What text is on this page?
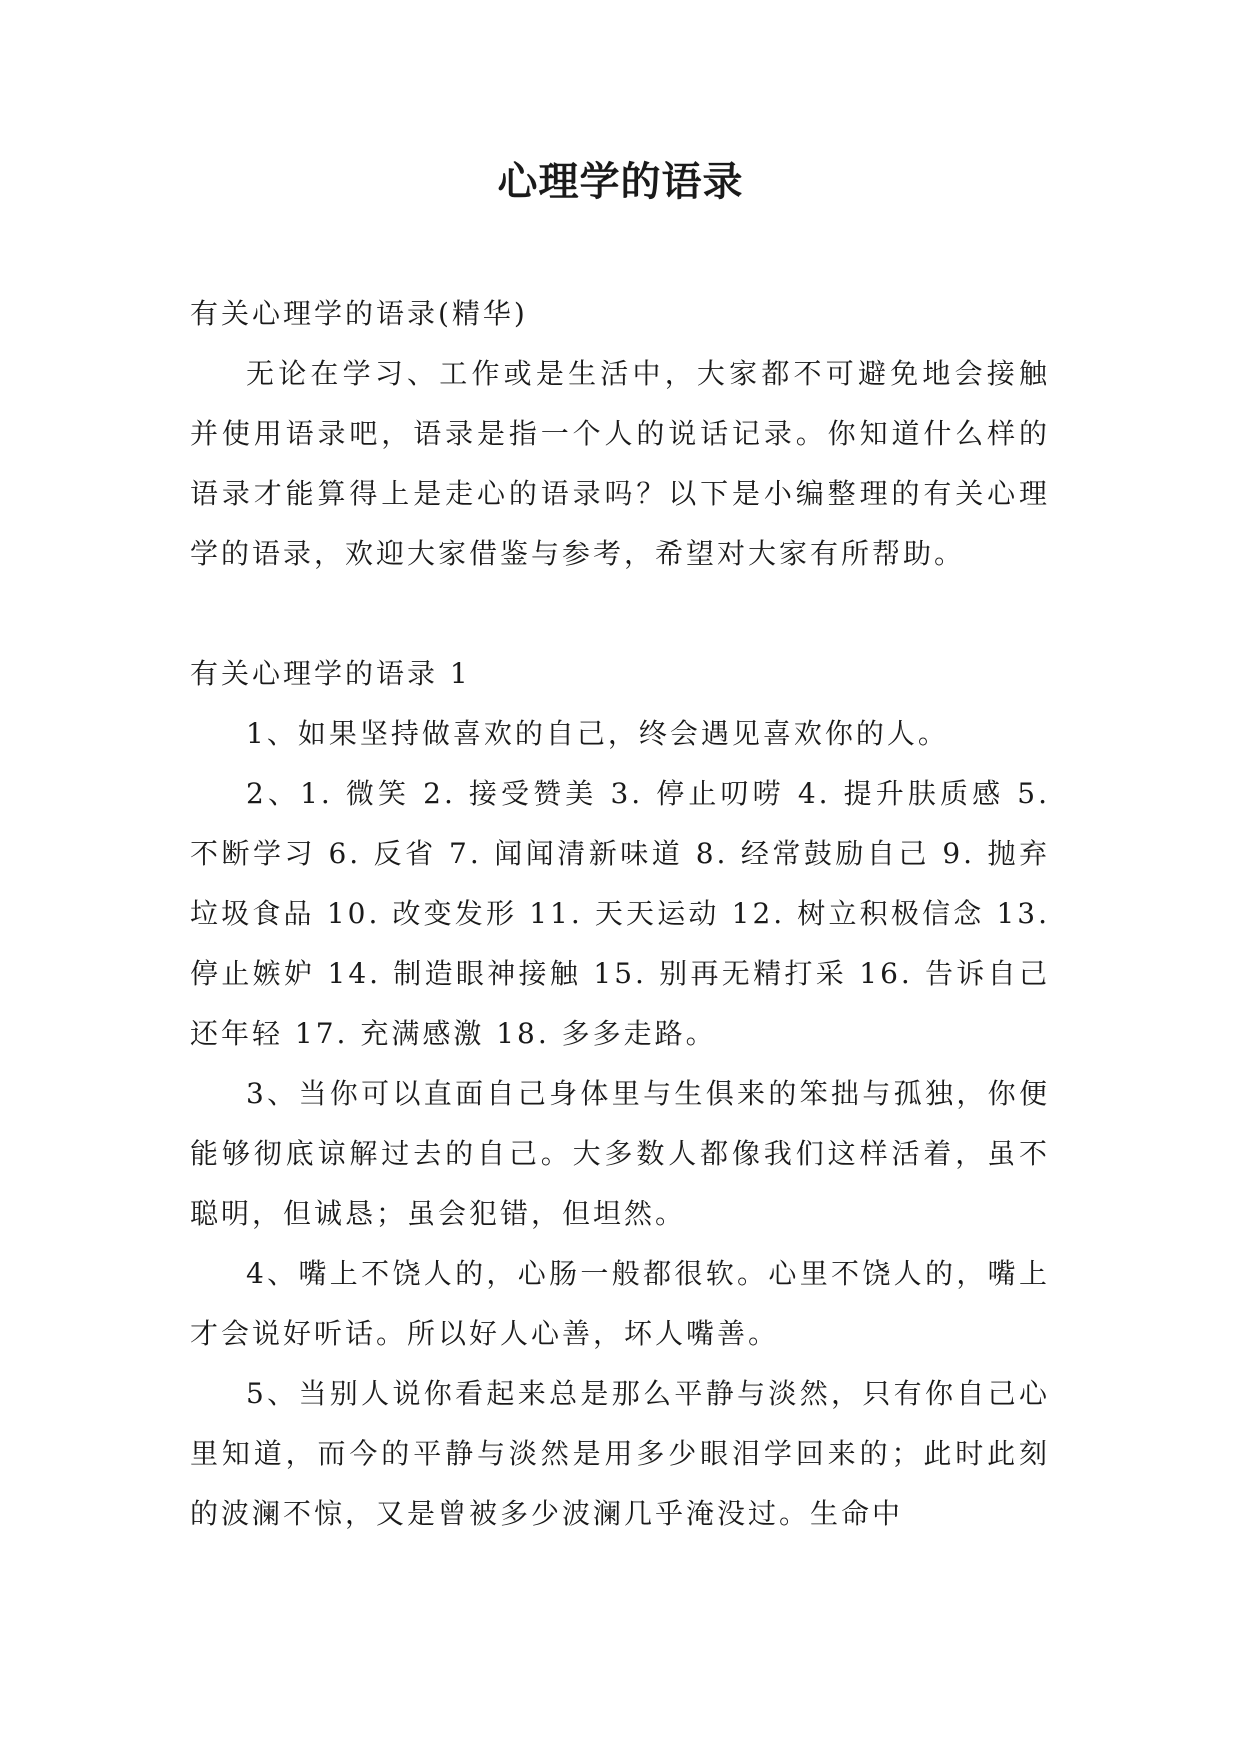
心理学的语录

有关心理学的语录(精华)

无论在学习、工作或是生活中，大家都不可避免地会接触并使用语录吧，语录是指一个人的说话记录。你知道什么样的语录才能算得上是走心的语录吗？以下是小编整理的有关心理学的语录，欢迎大家借鉴与参考，希望对大家有所帮助。

有关心理学的语录 1

1、如果坚持做喜欢的自己，终会遇见喜欢你的人。

2、1. 微笑 2. 接受赞美 3. 停止叨唠 4. 提升肤质感 5. 不断学习 6. 反省 7. 闻闻清新味道 8. 经常鼓励自己 9. 抛弃垃圾食品 10. 改变发形 11. 天天运动 12. 树立积极信念 13. 停止嫉妒 14. 制造眼神接触 15. 别再无精打采 16. 告诉自己还年轻 17. 充满感激 18. 多多走路。

3、当你可以直面自己身体里与生俱来的笨拙与孤独，你便能够彻底谅解过去的自己。大多数人都像我们这样活着，虽不聪明，但诚恳；虽会犯错，但坦然。

4、嘴上不饶人的，心肠一般都很软。心里不饶人的，嘴上才会说好听话。所以好人心善，坏人嘴善。

5、当别人说你看起来总是那么平静与淡然，只有你自己心里知道，而今的平静与淡然是用多少眼泪学回来的；此时此刻的波澜不惊，又是曾被多少波澜几乎淹没过。生命中
